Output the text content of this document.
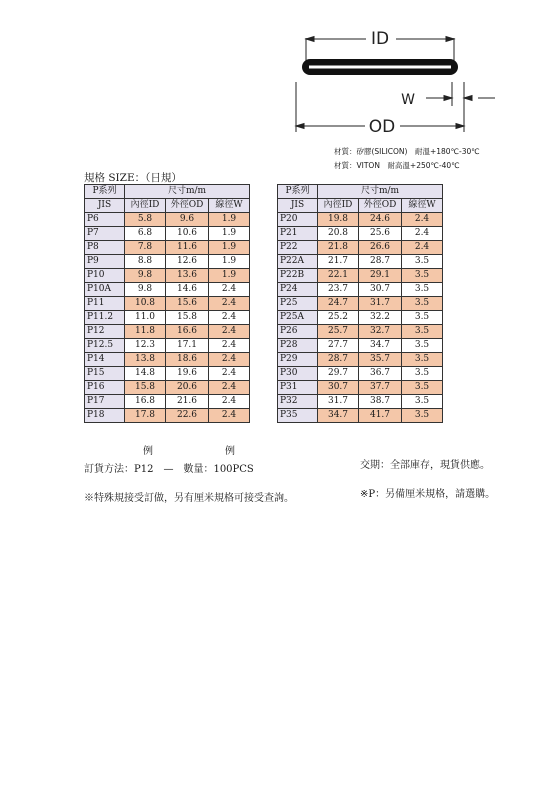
ID
W
OD
材質：矽膠(SILICON)　耐溫+180℃-30℃
材質：VITON　耐高溫+250℃-40℃
規格 SIZE：（日規）
P系列	尺寸m/m		
JIS	內徑ID	外徑OD	線徑W
P6	5.8	9.6	1.9
P7	6.8	10.6	1.9
P8	7.8	11.6	1.9
P9	8.8	12.6	1.9
P10	9.8	13.6	1.9
P10A	9.8	14.6	2.4
P11	10.8	15.6	2.4
P11.2	11.0	15.8	2.4
P12	11.8	16.6	2.4
P12.5	12.3	17.1	2.4
P14	13.8	18.6	2.4
P15	14.8	19.6	2.4
P16	15.8	20.6	2.4
P17	16.8	21.6	2.4
P18	17.8	22.6	2.4
P系列	尺寸m/m		
JIS	內徑ID	外徑OD	線徑W
P20	19.8	24.6	2.4
P21	20.8	25.6	2.4
P22	21.8	26.6	2.4
P22A	21.7	28.7	3.5
P22B	22.1	29.1	3.5
P24	23.7	30.7	3.5
P25	24.7	31.7	3.5
P25A	25.2	32.2	3.5
P26	25.7	32.7	3.5
P28	27.7	34.7	3.5
P29	28.7	35.7	3.5
P30	29.7	36.7	3.5
P31	30.7	37.7	3.5
P32	31.7	38.7	3.5
P35	34.7	41.7	3.5
例	例
訂貨方法：P12　—　數量：100PCS	交期：全部庫存，現貨供應。
※特殊規接受訂做，另有厘米規格可接受查詢。	※P：另備厘米規格，請選購。
